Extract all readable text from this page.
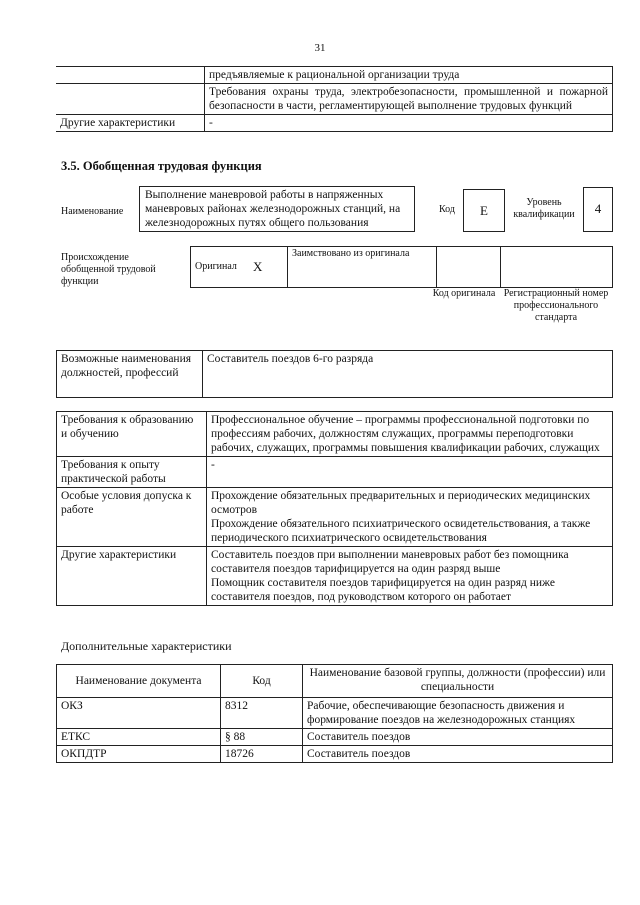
31
	предъявляемые к рациональной организации труда
	Требования охраны труда, электробезопасности, промышленной и пожарной безопасности в части, регламентирующей выполнение трудовых функций
Другие характеристики	-
3.5. Обобщенная трудовая функция
Наименование
Выполнение маневровой работы в напряженных маневровых районах железнодорожных станций, на железнодорожных путях общего пользования
Код	E
Уровень квалификации	4
Происхождение обобщенной трудовой функции
Оригинал	X	Заимствовано из оригинала		
Код оригинала Регистрационный номер профессионального стандарта
Возможные наименования должностей, профессий	Составитель поездов 6-го разряда
Требования к образованию и обучению	Профессиональное обучение – программы профессиональной подготовки по профессиям рабочих, должностям служащих, программы переподготовки рабочих, служащих, программы повышения квалификации рабочих, служащих
Требования к опыту практической работы	-
Особые условия допуска к работе	Прохождение обязательных предварительных и периодических медицинских осмотров
Прохождение обязательного психиатрического освидетельствования, а также периодического психиатрического освидетельствования

Другие характеристики	Составитель поездов при выполнении маневровых работ без помощника составителя поездов тарифицируется на один разряд выше
Помощник составителя поездов тарифицируется на один разряд ниже составителя поездов, под руководством которого он работает
Дополнительные характеристики
Наименование документа	Код	Наименование базовой группы, должности (профессии) или специальности
ОКЗ	8312	Рабочие, обеспечивающие безопасность движения и формирование поездов на железнодорожных станциях
ЕТКС	§ 88	Составитель поездов
ОКПДТР	18726	Составитель поездов
